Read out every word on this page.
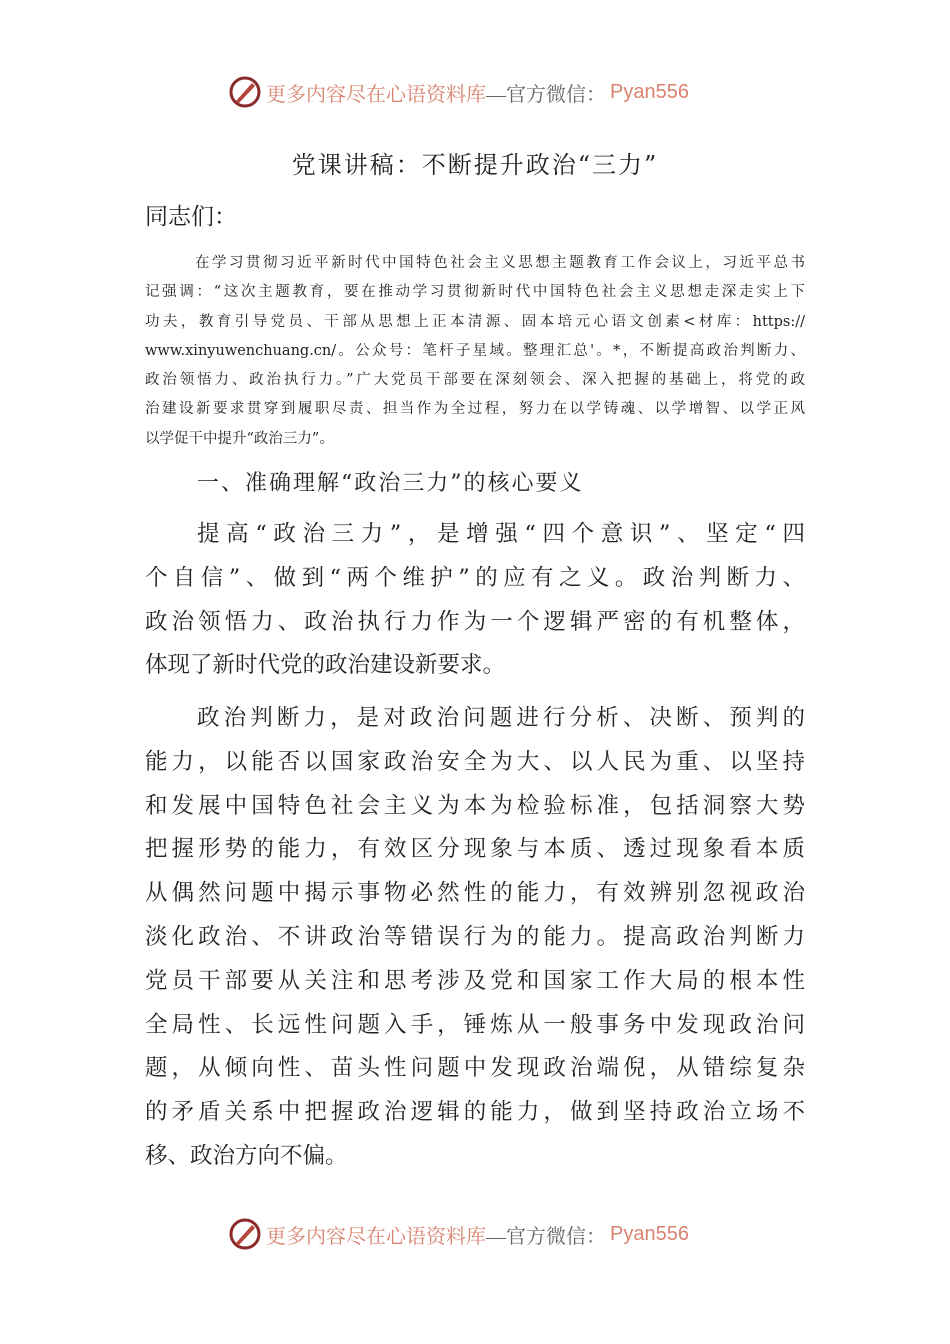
更多内容尽在心语资料库 —官方微信： Pyan556
党课讲稿：不断提升政治“三力”
同志们：
在学习贯彻习近平新时代中国特色社会主义思想主题教育工作会议上，习近平总书
记强调：“这次主题教育，要在推动学习贯彻新时代中国特色社会主义思想走深走实上下
功夫，教育引导党员、干部从思想上正本清源、固本培元心语文创素<材库：https://
www.xinyuwenchuang.cn/。公众号：笔杆子星域。整理汇总'。*，不断提高政治判断力、
政治领悟力、政治执行力。”广大党员干部要在深刻领会、深入把握的基础上，将党的政
治建设新要求贯穿到履职尽责、担当作为全过程，努力在以学铸魂、以学增智、以学正风
以学促干中提升“政治三力”。
一、准确理解“政治三力”的核心要义
提高“政治三力”，是增强“四个意识”、坚定“四
个自信”、做到“两个维护”的应有之义。政治判断力、
政治领悟力、政治执行力作为一个逻辑严密的有机整体，
体现了新时代党的政治建设新要求。
政治判断力，是对政治问题进行分析、决断、预判的
能力，以能否以国家政治安全为大、以人民为重、以坚持
和发展中国特色社会主义为本为检验标准，包括洞察大势
把握形势的能力，有效区分现象与本质、透过现象看本质
从偶然问题中揭示事物必然性的能力，有效辨别忽视政治
淡化政治、不讲政治等错误行为的能力。提高政治判断力
党员干部要从关注和思考涉及党和国家工作大局的根本性
全局性、长远性问题入手，锤炼从一般事务中发现政治问
题，从倾向性、苗头性问题中发现政治端倪，从错综复杂
的矛盾关系中把握政治逻辑的能力，做到坚持政治立场不
移、政治方向不偏。
更多内容尽在心语资料库 —官方微信： Pyan556
